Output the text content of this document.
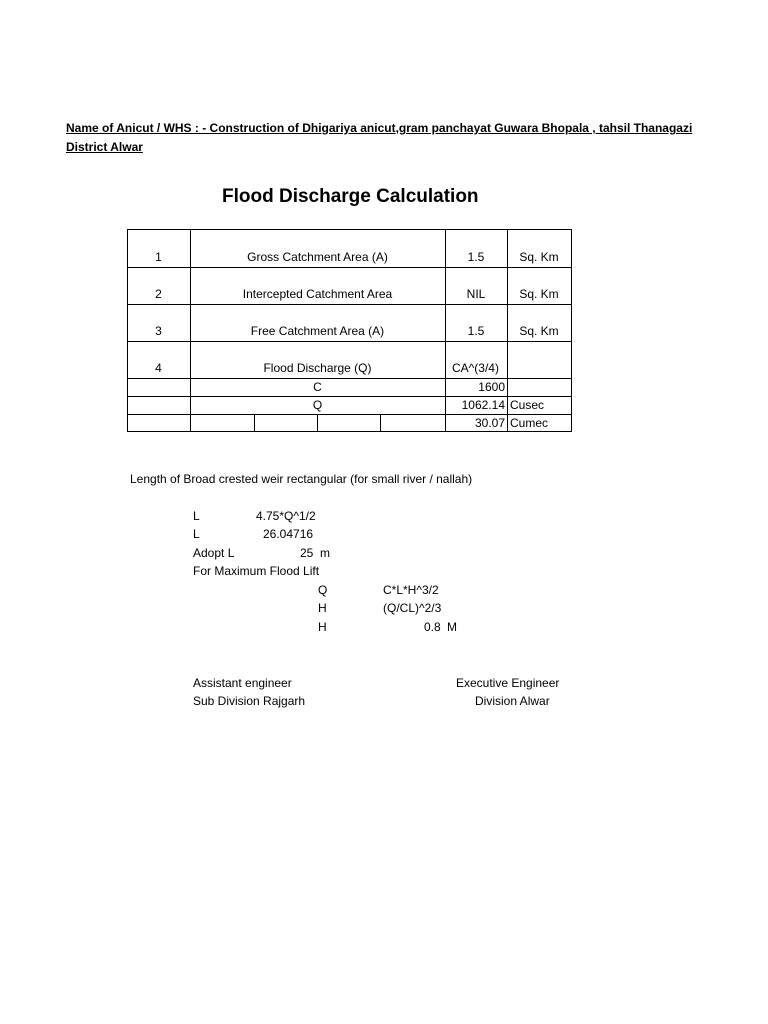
Name of Anicut / WHS : - Construction of Dhigariya anicut,gram panchayat Guwara Bhopala , tahsil Thanagazi
District Alwar
Flood Discharge Calculation
1	Gross Catchment Area (A)	1.5	Sq. Km
2	Intercepted Catchment Area	NIL	Sq. Km
3	Free Catchment Area (A)	1.5	Sq. Km
4	Flood Discharge (Q)	CA^(3/4)
C	1600
Q	1062.14 Cusec
30.07 Cumec
Length of Broad crested weir rectangular (for small river / nallah)
L	4.75*Q^1/2
L	26.04716
Adopt L	25 m
For Maximum Flood Lift
Q	C*L*H^3/2
H	(Q/CL)^2/3
H	0.8 M
Assistant engineer
Sub Division Rajgarh
Executive Engineer
Division Alwar
